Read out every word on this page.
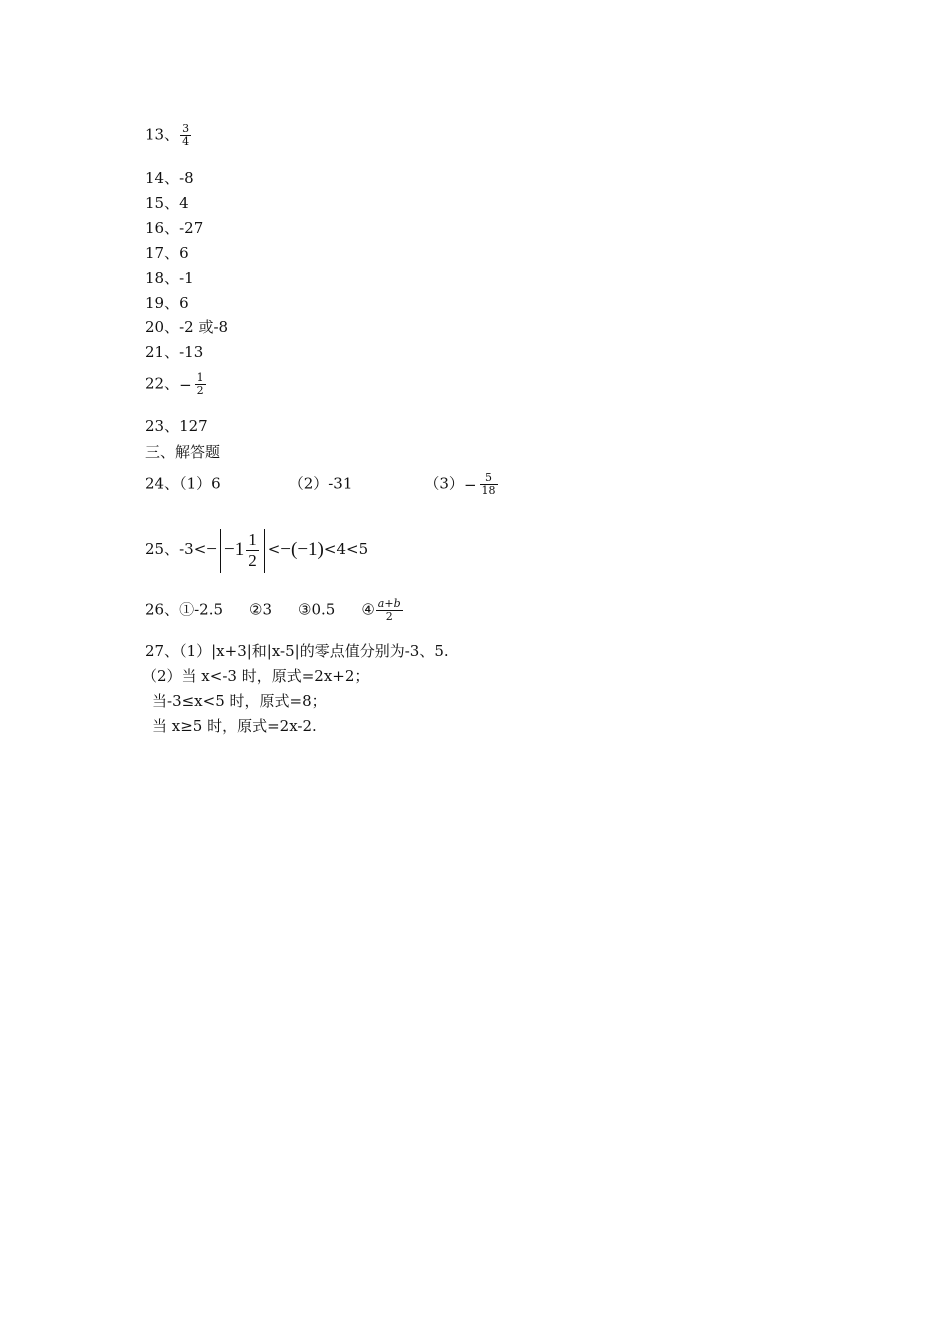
13、 $\frac{3}{4}$
14、-8
15、4
16、-27
17、6
18、-1
19、6
20、-2 或-8
21、-13
22、− $\frac{1}{2}$
23、127
三、解答题
24、（1）6	（2）-31	$(3)- \frac{5}{18}$
25、$-3<- -1 \frac{1}{2} <-(-1)<4<5$
26、①-2.5 ②3 ③0.5 ④ $\frac{a+b}{2}$
27、（1）|x+3|和|x-5|的零点值分别为-3、5.
（2）当 x<-3 时，原式=2x+2；
当-3≤x<5 时，原式=8；
当 x≥5 时，原式=2x-2.
